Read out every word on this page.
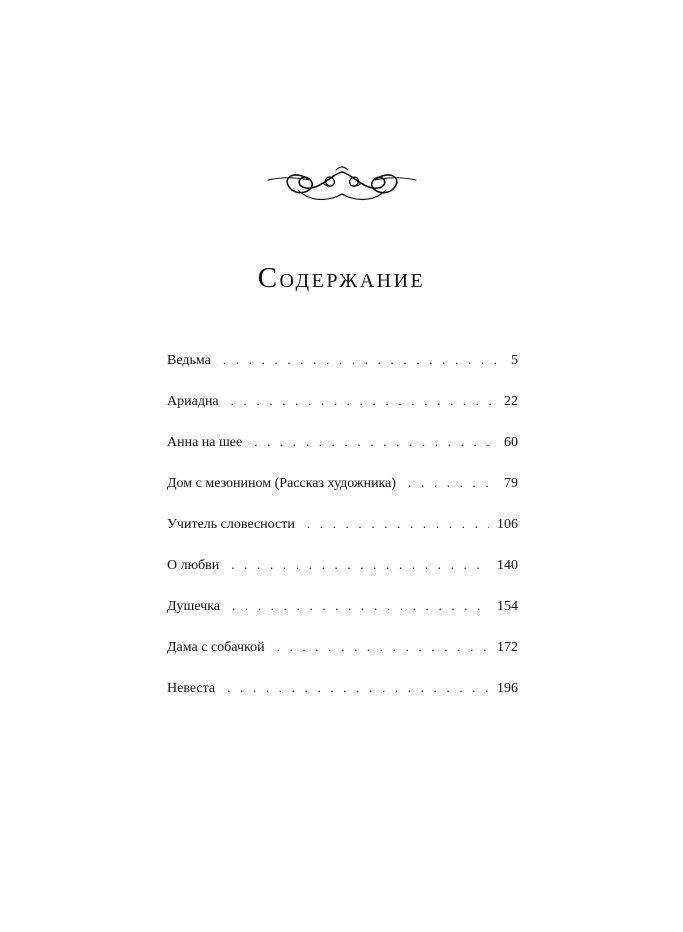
Содержание
Ведьма . . .	5
Ариадна . . .	22
Анна на шее . . .	60
Дом с мезонином (Рассказ художника) . . .	79
Учитель словесности . . .	106
О любви . . .	140
Душечка . . .	154
Дама с собачкой . . .	172
Невеста . . .	196
